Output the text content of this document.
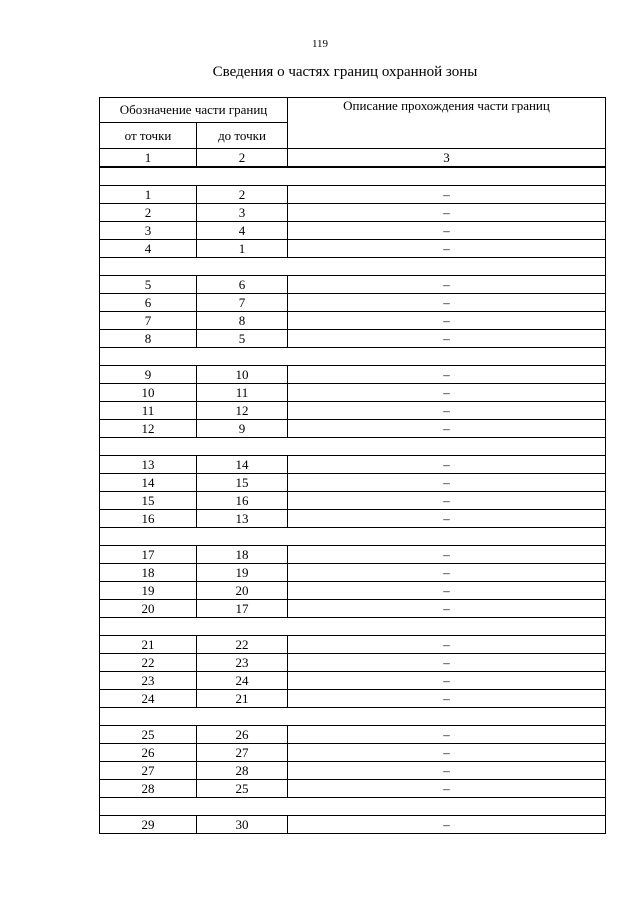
119
Сведения о частях границ охранной зоны
Обозначение части границ		Описание прохождения части границ
от точки	до точки	
1	2	3

1	2	–
2	3	–
3	4	–
4	1	–

5	6	–
6	7	–
7	8	–
8	5	–

9	10	–
10	11	–
11	12	–
12	9	–

13	14	–
14	15	–
15	16	–
16	13	–

17	18	–
18	19	–
19	20	–
20	17	–

21	22	–
22	23	–
23	24	–
24	21	–

25	26	–
26	27	–
27	28	–
28	25	–

29	30	–
